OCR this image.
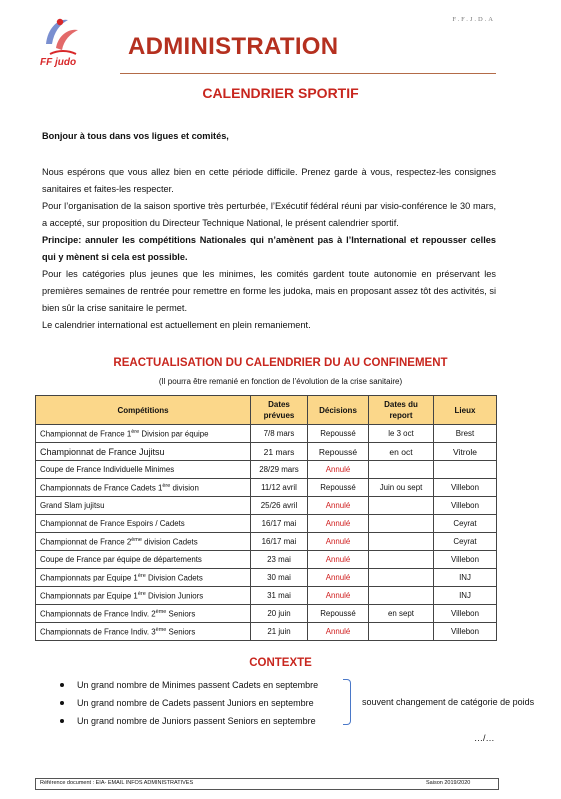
FF judo
F.F.J.D.A
ADMINISTRATION
CALENDRIER SPORTIF
Bonjour à tous dans vos ligues et comités,
Nous espérons que vous allez bien en cette période difficile. Prenez garde à vous, respectez-les consignes sanitaires et faites-les respecter.
Pour l’organisation de la saison sportive très perturbée, l’Exécutif fédéral réuni par visio-conférence le 30 mars, a accepté, sur proposition du Directeur Technique National, le présent calendrier sportif.
Principe: annuler les compétitions Nationales qui n’amènent pas à l’International et repousser celles qui y mènent si cela est possible.
Pour les catégories plus jeunes que les minimes, les comités gardent toute autonomie en préservant les premières semaines de rentrée pour remettre en forme les judoka, mais en proposant assez tôt des activités, si bien sûr la crise sanitaire le permet.
Le calendrier international est actuellement en plein remaniement.
REACTUALISATION DU CALENDRIER DU AU CONFINEMENT
(Il pourra être remanié en fonction de l’évolution de la crise sanitaire)
Compétitions	Dates prévues	Décisions	Dates du report	Lieux
Championnat de France 1ère Division par équipe	7/8 mars	Repoussé	le 3 oct	Brest
Championnat de France Jujitsu	21 mars	Repoussé	en oct	Vitrole
Coupe de France Individuelle Minimes	28/29 mars	Annulé		
Championnats de France Cadets 1ère division	11/12 avril	Repoussé	Juin ou sept	Villebon
Grand Slam jujitsu	25/26 avril	Annulé		Villebon
Championnat de France Espoirs / Cadets	16/17 mai	Annulé		Ceyrat
Championnat de France 2ème division Cadets	16/17 mai	Annulé		Ceyrat
Coupe de France par équipe de départements	23 mai	Annulé		Villebon
Championnats par Equipe 1ère Division Cadets	30 mai	Annulé		INJ
Championnats par Equipe 1ère Division Juniors	31 mai	Annulé		INJ
Championnats de France Indiv. 2ème Seniors	20 juin	Repoussé	en sept	Villebon
Championnats de France Indiv. 3ème Seniors	21 juin	Annulé		Villebon
CONTEXTE
Un grand nombre de Minimes passent Cadets en septembre
Un grand nombre de Cadets passent Juniors en septembre
Un grand nombre de Juniors passent Seniors en septembre
souvent changement de catégorie de poids
…/…
Référence document : EIA- EMAIL INFOS ADMINISTRATIVES	Saison 2019/2020
